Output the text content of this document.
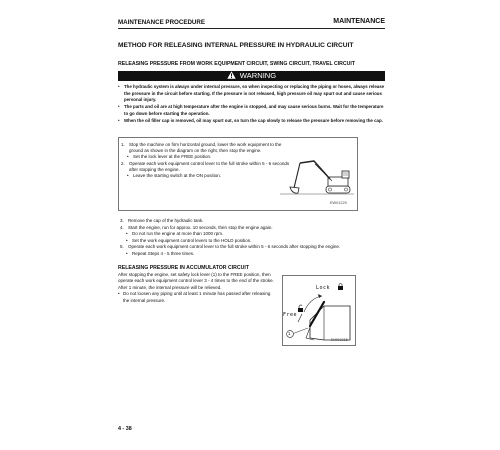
MAINTENANCE PROCEDURE	MAINTENANCE
METHOD FOR RELEASING INTERNAL PRESSURE IN HYDRAULIC CIRCUIT
RELEASING PRESSURE FROM WORK EQUIPMENT CIRCUIT, SWING CIRCUIT, TRAVEL CIRCUIT
WARNING
• The hydraulic system is always under internal pressure, so when inspecting or replacing the piping or hoses, always release the pressure in the circuit before starting. If the pressure is not released, high pressure oil may spurt out and cause serious personal injury.
• The parts and oil are at high temperature after the engine is stopped, and may cause serious burns. Wait for the temperature to go down before starting the operation.
• When the oil filler cap is removed, oil may spurt out, so turn the cap slowly to release the pressure before removing the cap.
1. Stop the machine on firm horizontal ground, lower the work equipment to the ground as shown in the diagram on the right, then stop the engine.
• Set the lock lever at the FREE position.
2. Operate each work equipment control lever to the full stroke within 5 - 6 seconds after stopping the engine.
• Leave the starting switch at the ON position.
EW01229
3. Remove the cap of the hydraulic tank.
4. Start the engine, run for approx. 10 seconds, then stop the engine again.
• Do not run the engine at more than 1000 rpm.
• Set the work equipment control levers to the HOLD position.
5. Operate each work equipment control lever to the full stroke within 5 - 6 seconds after stopping the engine.
• Repeat Steps 4 - 5 three times.
RELEASING PRESSURE IN ACCUMULATOR CIRCUIT
After stopping the engine, set safety lock lever (1) to the FREE position, then operate each work equipment control lever 3 - 4 times to the end of the stroke. After 1 minute, the internal pressure will be relieved.
• Do not loosen any piping until at least 1 minute has passed after releasing the internal pressure.
Lock
Free
1
EW01315
4 - 38
